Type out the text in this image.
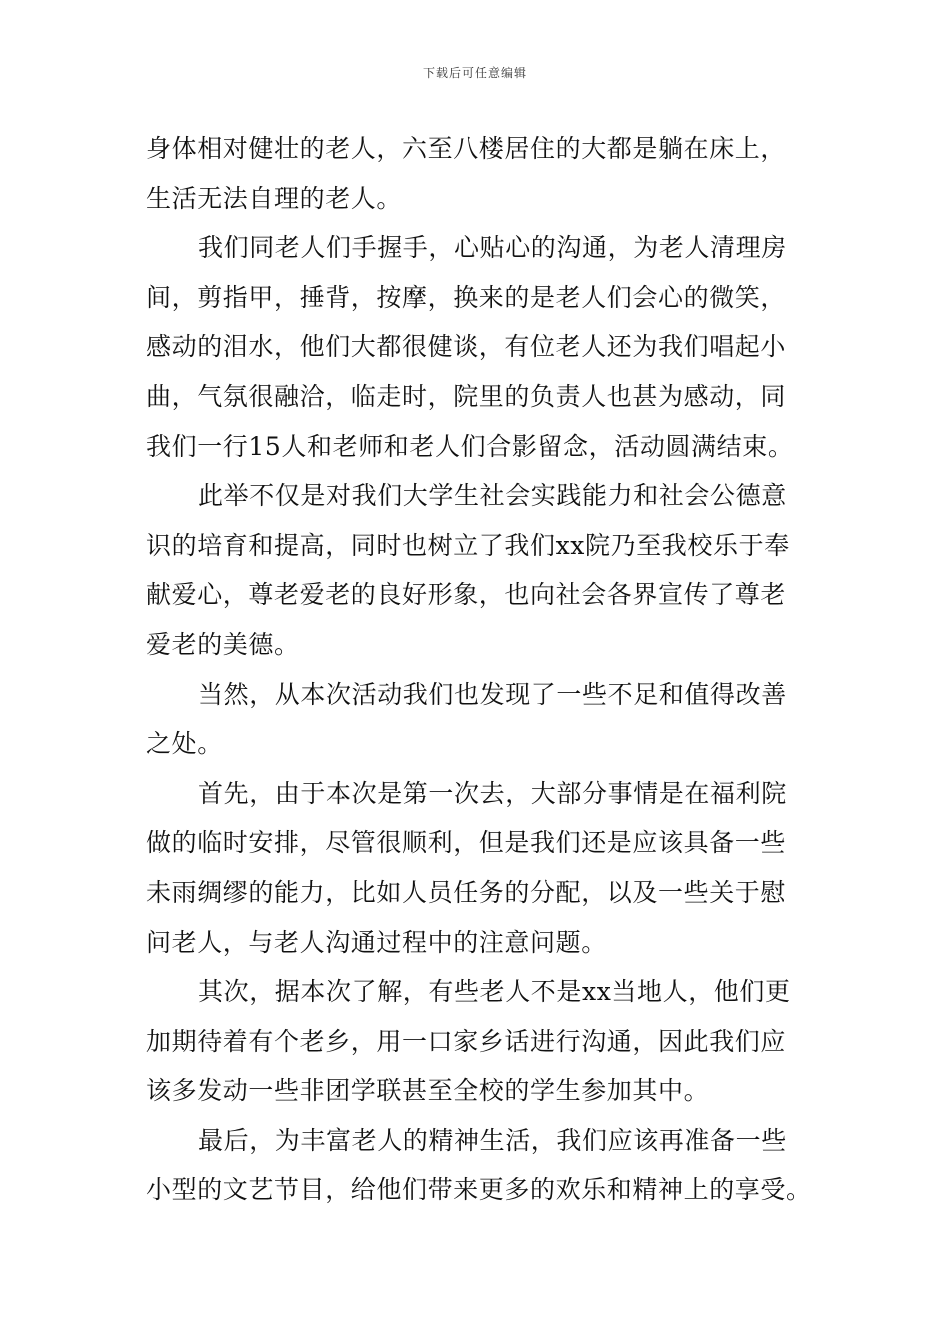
下载后可任意编辑
身体相对健壮的老人，六至八楼居住的大都是躺在床上，
生活无法自理的老人。
我们同老人们手握手，心贴心的沟通，为老人清理房
间，剪指甲，捶背，按摩，换来的是老人们会心的微笑，
感动的泪水，他们大都很健谈，有位老人还为我们唱起小
曲，气氛很融洽，临走时，院里的负责人也甚为感动，同
我们一行15人和老师和老人们合影留念，活动圆满结束。
此举不仅是对我们大学生社会实践能力和社会公德意
识的培育和提高，同时也树立了我们xx院乃至我校乐于奉
献爱心，尊老爱老的良好形象，也向社会各界宣传了尊老
爱老的美德。
当然，从本次活动我们也发现了一些不足和值得改善
之处。
首先，由于本次是第一次去，大部分事情是在福利院
做的临时安排，尽管很顺利，但是我们还是应该具备一些
未雨绸缪的能力，比如人员任务的分配，以及一些关于慰
问老人，与老人沟通过程中的注意问题。
其次，据本次了解，有些老人不是xx当地人，他们更
加期待着有个老乡，用一口家乡话进行沟通，因此我们应
该多发动一些非团学联甚至全校的学生参加其中。
最后，为丰富老人的精神生活，我们应该再准备一些
小型的文艺节目，给他们带来更多的欢乐和精神上的享受。
